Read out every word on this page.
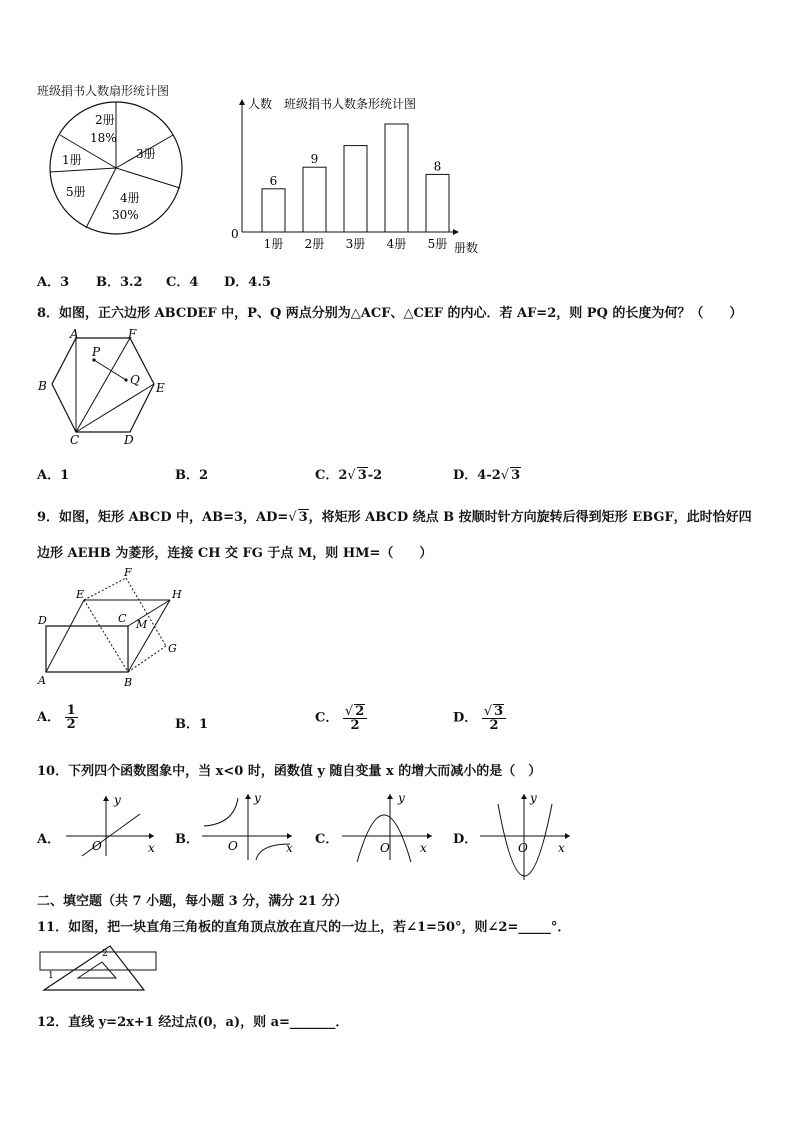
班级捐书人数扇形统计图
2册
18%
3册
1册
5册	4册
30%
人数 班级捐书人数条形统计图
0
册数
6
1册
9
2册 3册 4册
8
5册
A．3 B．3.2 C．4 D．4.5
8．如图，正六边形 ABCDEF 中，P、Q 两点分别为△ACF、△CEF 的内心．若 AF=2，则 PQ 的长度为何？（　　）
A	F
B	E
C	D
P
Q
A．1	B．2	C．2√ 3-2	D．4-2√ 3
9．如图，矩形 ABCD 中，AB=3，AD=√ 3，将矩形 ABCD 绕点 B 按顺时针方向旋转后得到矩形 EBGF，此时恰好四
边形 AEHB 为菱形，连接 CH 交 FG 于点 M，则 HM=（　　）
D
A	B
C
E
F
H
G
M
A． $\frac{1}{2}$	B．1	C． $\frac{√ 2}{2}$	D． $\frac{√ 3}{2}$
10．下列四个函数图象中，当 x<0 时，函数值 y 随自变量 x 的增大而减小的是（　）
A．
x
y
O	B．
x
y
O	C．
x
y
O
D．
x
y
O
二、填空题（共 7 小题，每小题 3 分，满分 21 分）
11．如图，把一块直角三角板的直角顶点放在直尺的一边上，若∠1=50°，则∠2=_____°．
2
1
12．直线 y=2x+1 经过点(0，a)，则 a=_______．
